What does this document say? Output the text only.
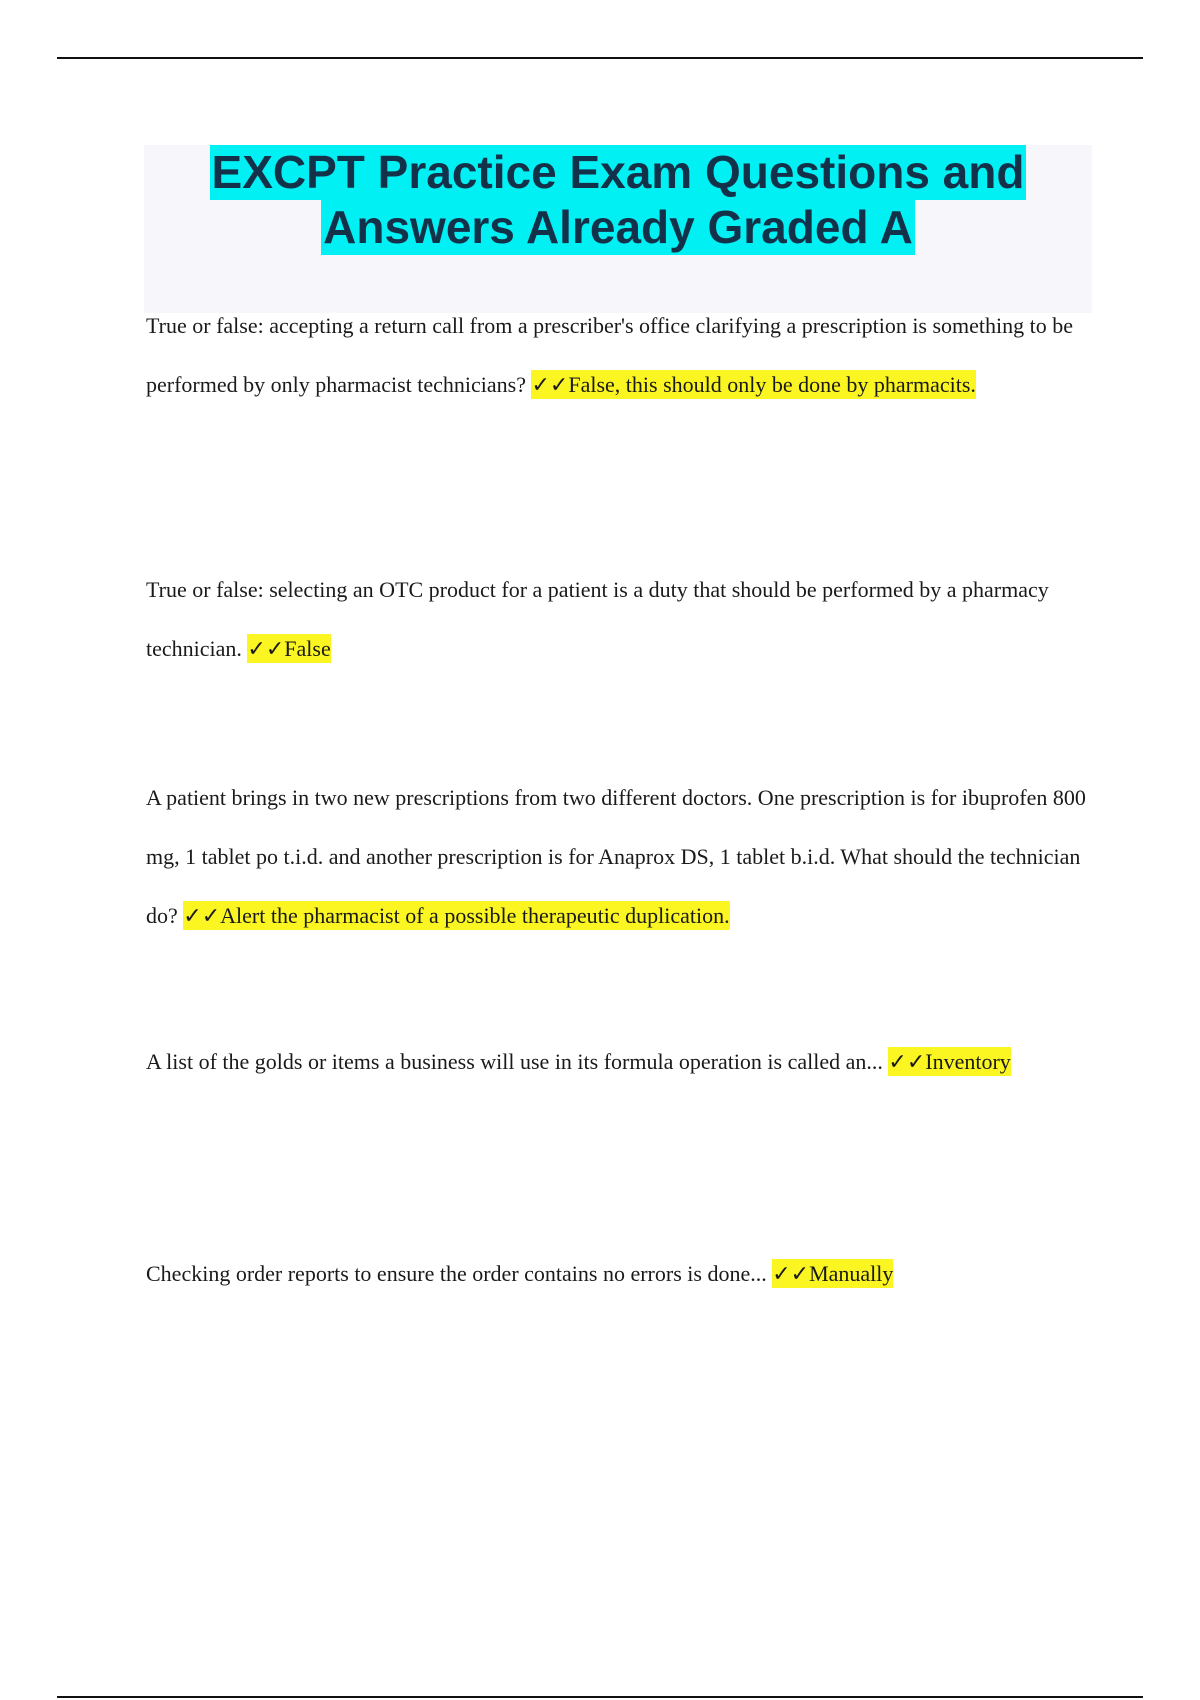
EXCPT Practice Exam Questions and
Answers Already Graded A

True or false: accepting a return call from a prescriber's office clarifying a prescription is something to be performed by only pharmacist technicians? ✓✓False, this should only be done by pharmacits.

True or false: selecting an OTC product for a patient is a duty that should be performed by a pharmacy technician. ✓✓False

A patient brings in two new prescriptions from two different doctors. One prescription is for ibuprofen 800 mg, 1 tablet po t.i.d. and another prescription is for Anaprox DS, 1 tablet b.i.d. What should the technician do? ✓✓Alert the pharmacist of a possible therapeutic duplication.

A list of the golds or items a business will use in its formula operation is called an... ✓✓Inventory

Checking order reports to ensure the order contains no errors is done... ✓✓Manually
